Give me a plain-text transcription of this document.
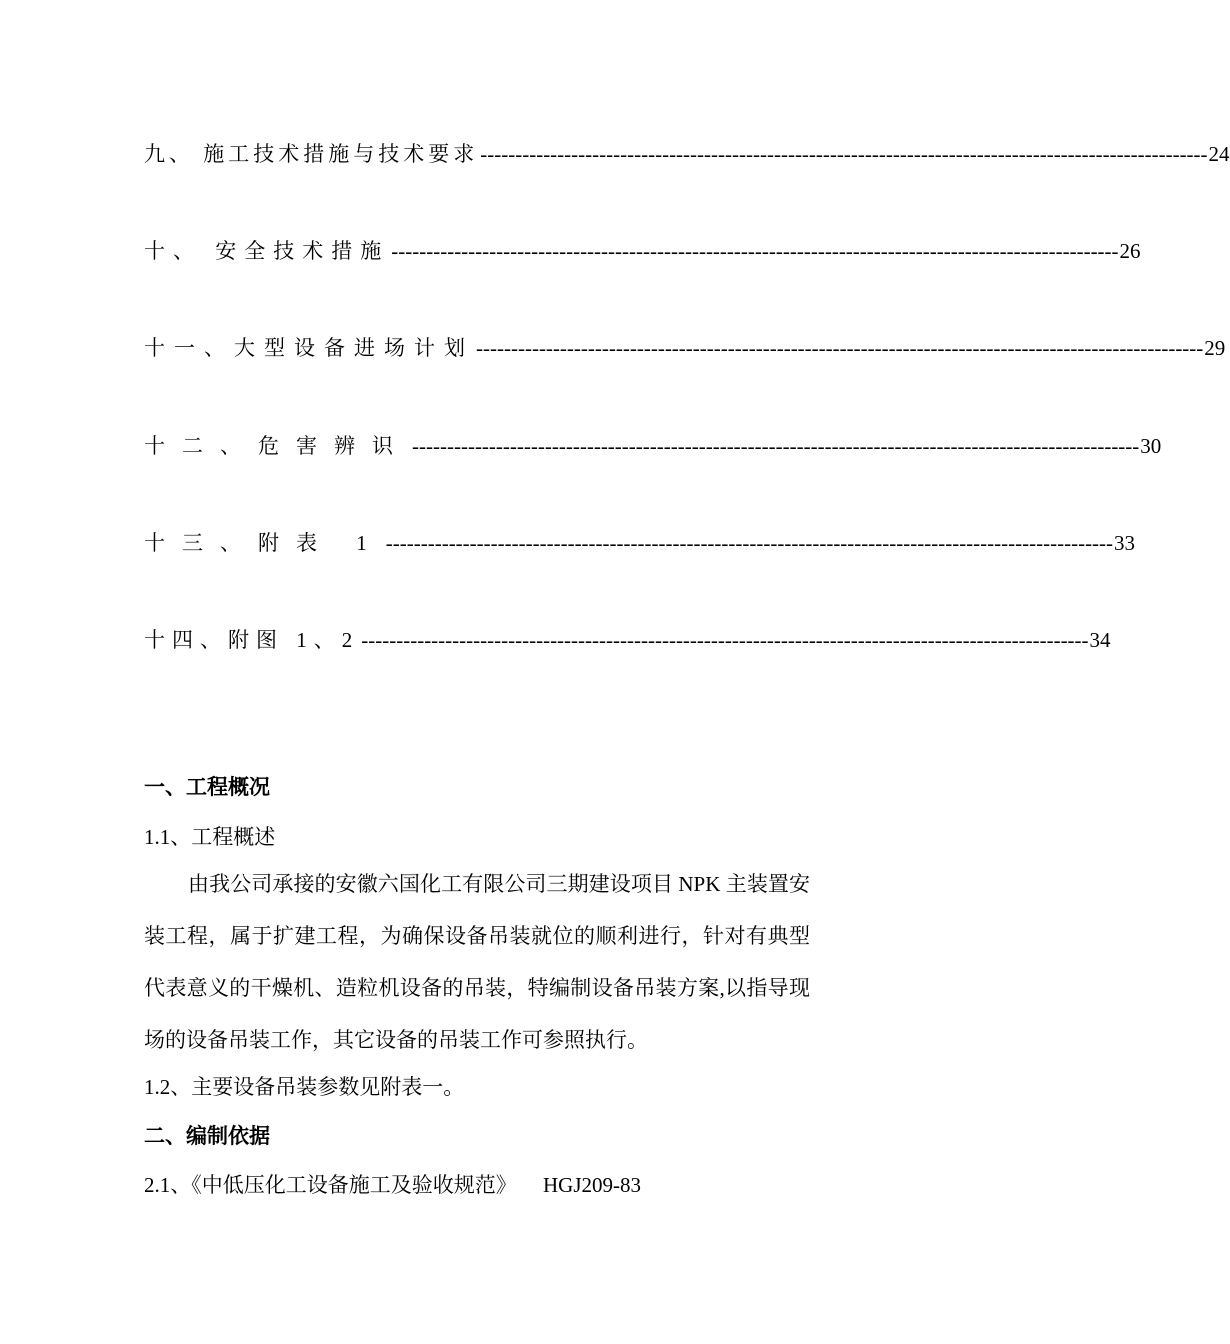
九、 施工技术措施与技术要求 -------------------------------------------------------------------------------------------------------- 24
十、 安全技术措施 -------------------------------------------------------------------------------------------------------- 26
十一、大型设备进场计划 -------------------------------------------------------------------------------------------------------- 29
十二、危害辨识 -------------------------------------------------------------------------------------------------------- 30
十三、附表 1 -------------------------------------------------------------------------------------------------------- 33
十四、附图 1、2 -------------------------------------------------------------------------------------------------------- 34
一、工程概况
1.1、工程概述
由我公司承接的安徽六国化工有限公司三期建设项目 NPK 主装置安装工程，属于扩建工程，为确保设备吊装就位的顺利进行，针对有典型代表意义的干燥机、造粒机设备的吊装，特编制设备吊装方案,以指导现场的设备吊装工作，其它设备的吊装工作可参照执行。
1.2、主要设备吊装参数见附表一。
二、编制依据
2.1、《中低压化工设备施工及验收规范》     HGJ209-83
